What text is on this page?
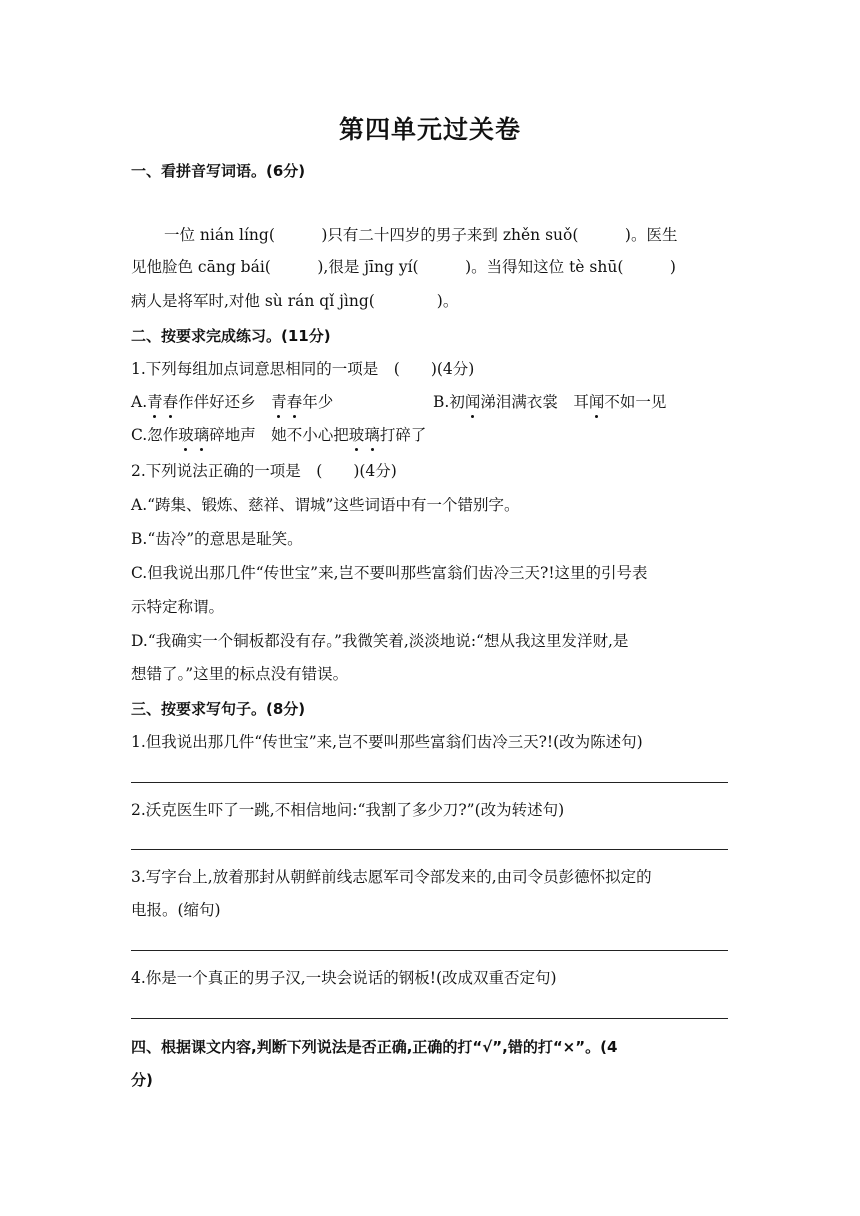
第四单元过关卷
一、看拼音写词语。(6分)
一位 nián líng(　　　)只有二十四岁的男子来到 zhěn suǒ(　　　)。医生
见他脸色 cāng bái(　　　),很是 jīng yí(　　　)。当得知这位 tè shū(　　　)
病人是将军时,对他 sù rán qǐ jìng(　　　　)。
二、按要求完成练习。(11分)
1.下列每组加点词意思相同的一项是　(　　)(4分)
A.青春作伴好还乡　青春年少	B.初闻涕泪满衣裳　耳闻不如一见
C.忽作玻璃碎地声　她不小心把玻璃打碎了
2.下列说法正确的一项是　(　　)(4分)
A.“踌集、锻炼、慈祥、谓城”这些词语中有一个错别字。
B.“齿冷”的意思是耻笑。
C.但我说出那几件“传世宝”来,岂不要叫那些富翁们齿冷三天?!这里的引号表
示特定称谓。
D.“我确实一个铜板都没有存。”我微笑着,淡淡地说:“想从我这里发洋财,是
想错了。”这里的标点没有错误。
三、按要求写句子。(8分)
1.但我说出那几件“传世宝”来,岂不要叫那些富翁们齿冷三天?!(改为陈述句)
2.沃克医生吓了一跳,不相信地问:“我割了多少刀?”(改为转述句)
3.写字台上,放着那封从朝鲜前线志愿军司令部发来的,由司令员彭德怀拟定的
电报。(缩句)
4.你是一个真正的男子汉,一块会说话的钢板!(改成双重否定句)
四、根据课文内容,判断下列说法是否正确,正确的打“√”,错的打“×”。(4
分)
